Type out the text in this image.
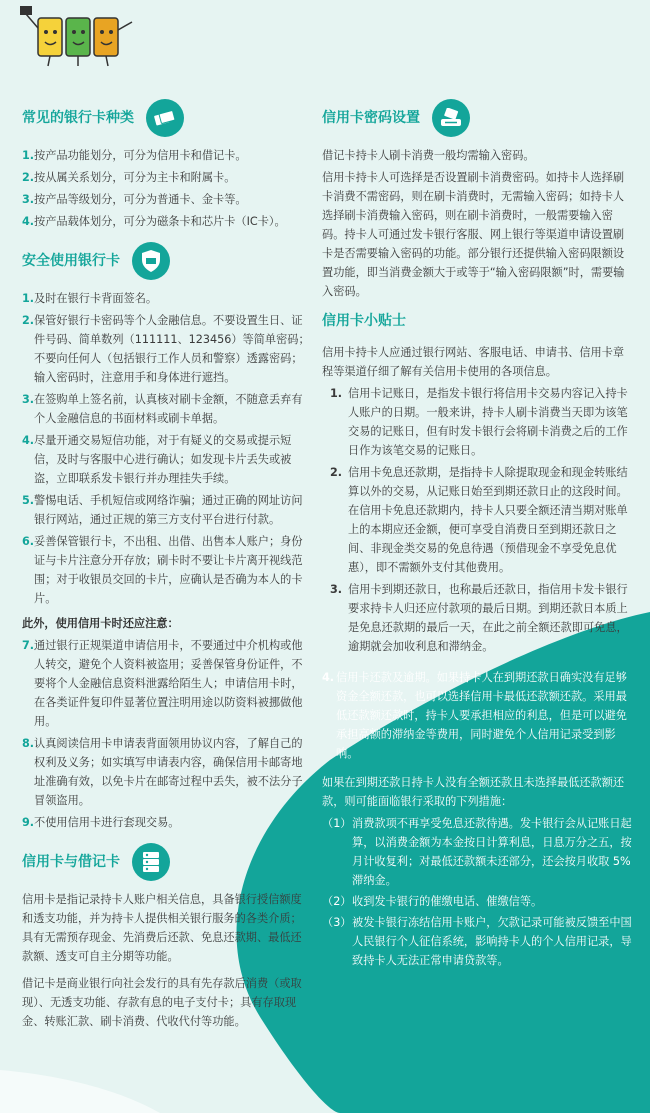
常见的银行卡种类
1. 按产品功能划分，可分为信用卡和借记卡。
2. 按从属关系划分，可分为主卡和附属卡。
3. 按产品等级划分，可分为普通卡、金卡等。
4. 按产品载体划分，可分为磁条卡和芯片卡（IC卡）。
安全使用银行卡
1. 及时在银行卡背面签名。
2. 保管好银行卡密码等个人金融信息。不要设置生日、证件号码、简单数列（111111、123456）等简单密码；不要向任何人（包括银行工作人员和警察）透露密码；输入密码时，注意用手和身体进行遮挡。
3. 在签购单上签名前，认真核对刷卡金额，不随意丢弃有个人金融信息的书面材料或刷卡单据。
4. 尽量开通交易短信功能，对于有疑义的交易或提示短信，及时与客服中心进行确认；如发现卡片丢失或被盗，立即联系发卡银行并办理挂失手续。
5. 警惕电话、手机短信或网络诈骗；通过正确的网址访问银行网站，通过正规的第三方支付平台进行付款。
6. 妥善保管银行卡，不出租、出借、出售本人账户；身份证与卡片注意分开存放；刷卡时不要让卡片离开视线范围；对于收银员交回的卡片，应确认是否确为本人的卡片。
此外，使用信用卡时还应注意：
7. 通过银行正规渠道申请信用卡，不要通过中介机构或他人转交，避免个人资料被盗用；妥善保管身份证件，不要将个人金融信息资料泄露给陌生人；申请信用卡时，在各类证件复印件显著位置注明用途以防资料被挪做他用。
8. 认真阅读信用卡申请表背面领用协议内容，了解自己的权利及义务；如实填写申请表内容，确保信用卡邮寄地址准确有效，以免卡片在邮寄过程中丢失，被不法分子冒领盗用。
9. 不使用信用卡进行套现交易。
信用卡与借记卡
信用卡是指记录持卡人账户相关信息，具备银行授信额度和透支功能，并为持卡人提供相关银行服务的各类介质；具有无需预存现金、先消费后还款、免息还款期、最低还款额、透支可自主分期等功能。
借记卡是商业银行向社会发行的具有先存款后消费（或取现）、无透支功能、存款有息的电子支付卡；具有存取现金、转账汇款、刷卡消费、代收代付等功能。
信用卡密码设置
借记卡持卡人刷卡消费一般均需输入密码。
信用卡持卡人可选择是否设置刷卡消费密码。如持卡人选择刷卡消费不需密码，则在刷卡消费时，无需输入密码；如持卡人选择刷卡消费输入密码，则在刷卡消费时，一般需要输入密码。持卡人可通过发卡银行客服、网上银行等渠道申请设置刷卡是否需要输入密码的功能。部分银行还提供输入密码限额设置功能，即当消费金额大于或等于“输入密码限额”时，需要输入密码。
信用卡小贴士
信用卡持卡人应通过银行网站、客服电话、申请书、信用卡章程等渠道仔细了解有关信用卡使用的各项信息。
1. 信用卡记账日，是指发卡银行将信用卡交易内容记入持卡人账户的日期。一般来讲，持卡人刷卡消费当天即为该笔交易的记账日，但有时发卡银行会将刷卡消费之后的工作日作为该笔交易的记账日。
2. 信用卡免息还款期，是指持卡人除提取现金和现金转账结算以外的交易，从记账日始至到期还款日止的这段时间。在信用卡免息还款期内，持卡人只要全额还清当期对账单上的本期应还金额，便可享受自消费日至到期还款日之间、非现金类交易的免息待遇（预借现金不享受免息优惠），即不需额外支付其他费用。
3. 信用卡到期还款日，也称最后还款日，指信用卡发卡银行要求持卡人归还应付款项的最后日期。到期还款日本质上是免息还款期的最后一天，在此之前全额还款即可免息，逾期就会加收利息和滞纳金。
4. 信用卡还款及逾期。如果持卡人在到期还款日确实没有足够资金全额还款，也可以选择信用卡最低还款额还款。采用最低还款额还款时，持卡人要承担相应的利息，但是可以避免承担高额的滞纳金等费用，同时避免个人信用记录受到影响。
如果在到期还款日持卡人没有全额还款且未选择最低还款额还款，则可能面临银行采取的下列措施：
（1） 消费款项不再享受免息还款待遇。发卡银行会从记账日起算，以消费金额为本金按日计算利息，日息万分之五，按月计收复利；对最低还款额未还部分，还会按月收取 5%滞纳金。
（2） 收到发卡银行的催缴电话、催缴信等。
（3） 被发卡银行冻结信用卡账户，欠款记录可能被反馈至中国人民银行个人征信系统，影响持卡人的个人信用记录，导致持卡人无法正常申请贷款等。
